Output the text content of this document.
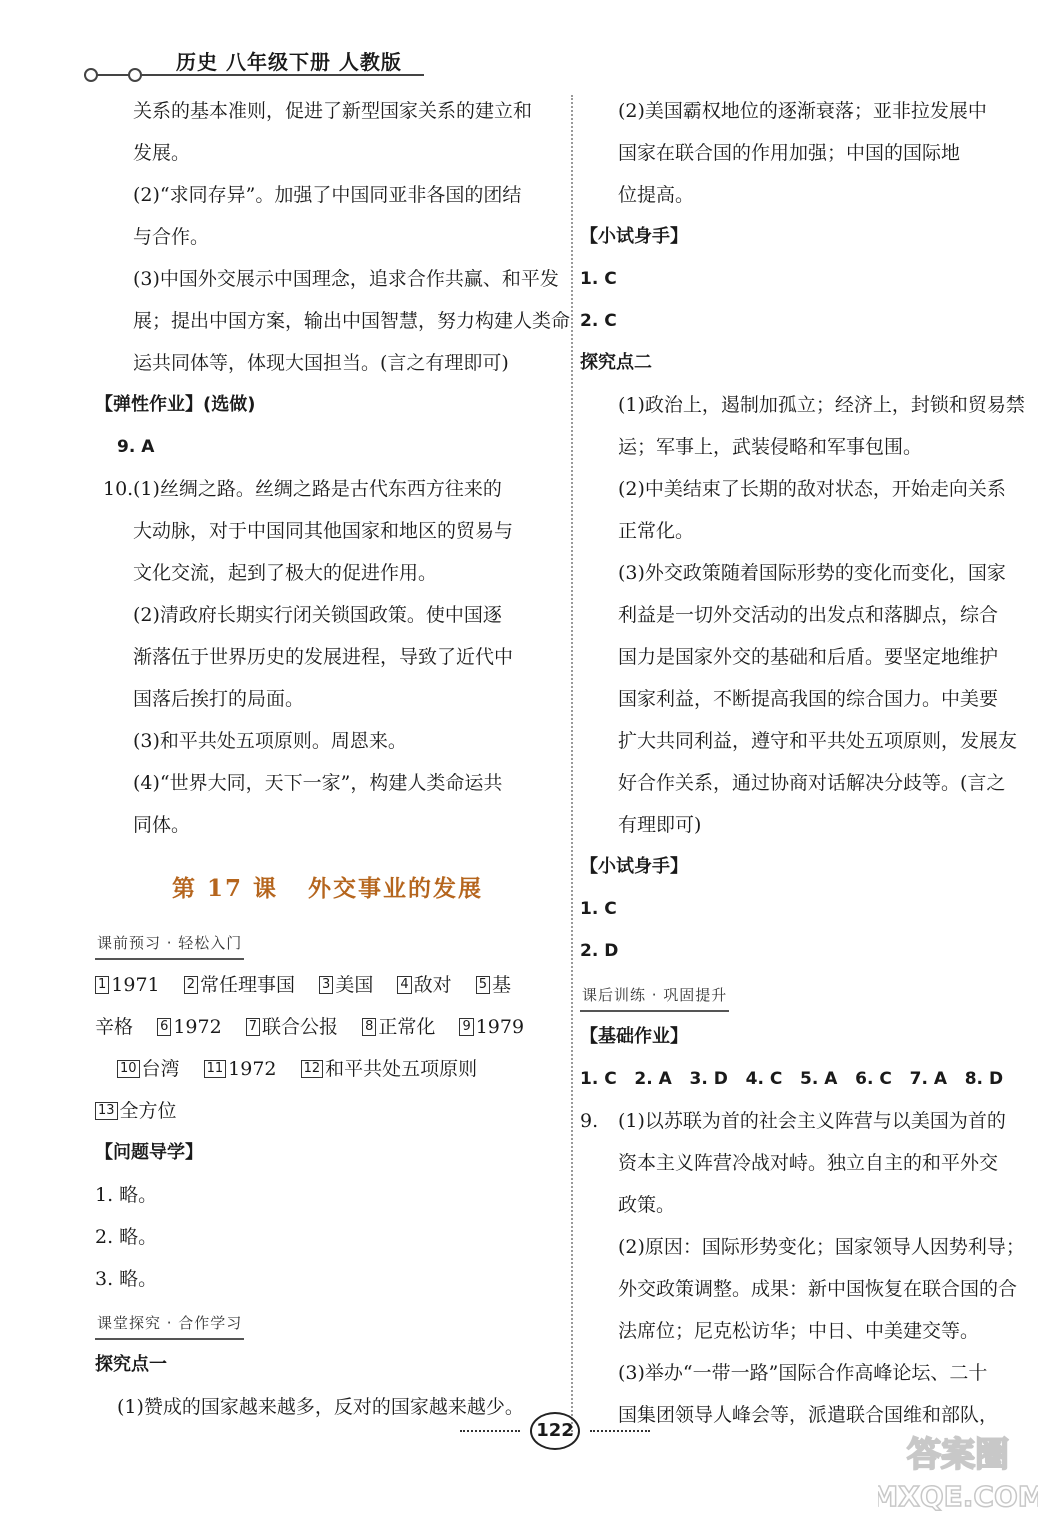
历史 八年级下册 人教版
关系的基本准则，促进了新型国家关系的建立和
发展。
(2)“求同存异”。加强了中国同亚非各国的团结
与合作。
(3)中国外交展示中国理念，追求合作共赢、和平发
展；提出中国方案，输出中国智慧，努力构建人类命
运共同体等，体现大国担当。(言之有理即可)
【弹性作业】(选做)
9. A
10. (1)丝绸之路。丝绸之路是古代东西方往来的
大动脉，对于中国同其他国家和地区的贸易与
文化交流，起到了极大的促进作用。
(2)清政府长期实行闭关锁国政策。使中国逐
渐落伍于世界历史的发展进程，导致了近代中
国落后挨打的局面。
(3)和平共处五项原则。周恩来。
(4)“世界大同，天下一家”，构建人类命运共
同体。
第 17 课 外交事业的发展
课前预习 · 轻松入门
1 1971 2 常任理事国 3 美国 4 敌对 5 基
辛格 6 1972 7 联合公报 8 正常化 9 1979
10 台湾 11 1972 12 和平共处五项原则
13 全方位
【问题导学】
1. 略。
2. 略。
3. 略。
课堂探究 · 合作学习
探究点一
(1)赞成的国家越来越多，反对的国家越来越少。
(2)美国霸权地位的逐渐衰落；亚非拉发展中
国家在联合国的作用加强；中国的国际地
位提高。
【小试身手】
1. C
2. C
探究点二
(1)政治上，遏制加孤立；经济上，封锁和贸易禁
运；军事上，武装侵略和军事包围。
(2)中美结束了长期的敌对状态，开始走向关系
正常化。
(3)外交政策随着国际形势的变化而变化，国家
利益是一切外交活动的出发点和落脚点，综合
国力是国家外交的基础和后盾。要坚定地维护
国家利益，不断提高我国的综合国力。中美要
扩大共同利益，遵守和平共处五项原则，发展友
好合作关系，通过协商对话解决分歧等。(言之
有理即可)
【小试身手】
1. C
2. D
课后训练 · 巩固提升
【基础作业】
1. C   2. A   3. D   4. C   5. A   6. C   7. A   8. D
9. (1)以苏联为首的社会主义阵营与以美国为首的
资本主义阵营冷战对峙。独立自主的和平外交
政策。
(2)原因：国际形势变化；国家领导人因势利导；
外交政策调整。成果：新中国恢复在联合国的合
法席位；尼克松访华；中日、中美建交等。
(3)举办“一带一路”国际合作高峰论坛、二十
国集团领导人峰会等，派遣联合国维和部队，
122
答案圈
MXQE.COM
